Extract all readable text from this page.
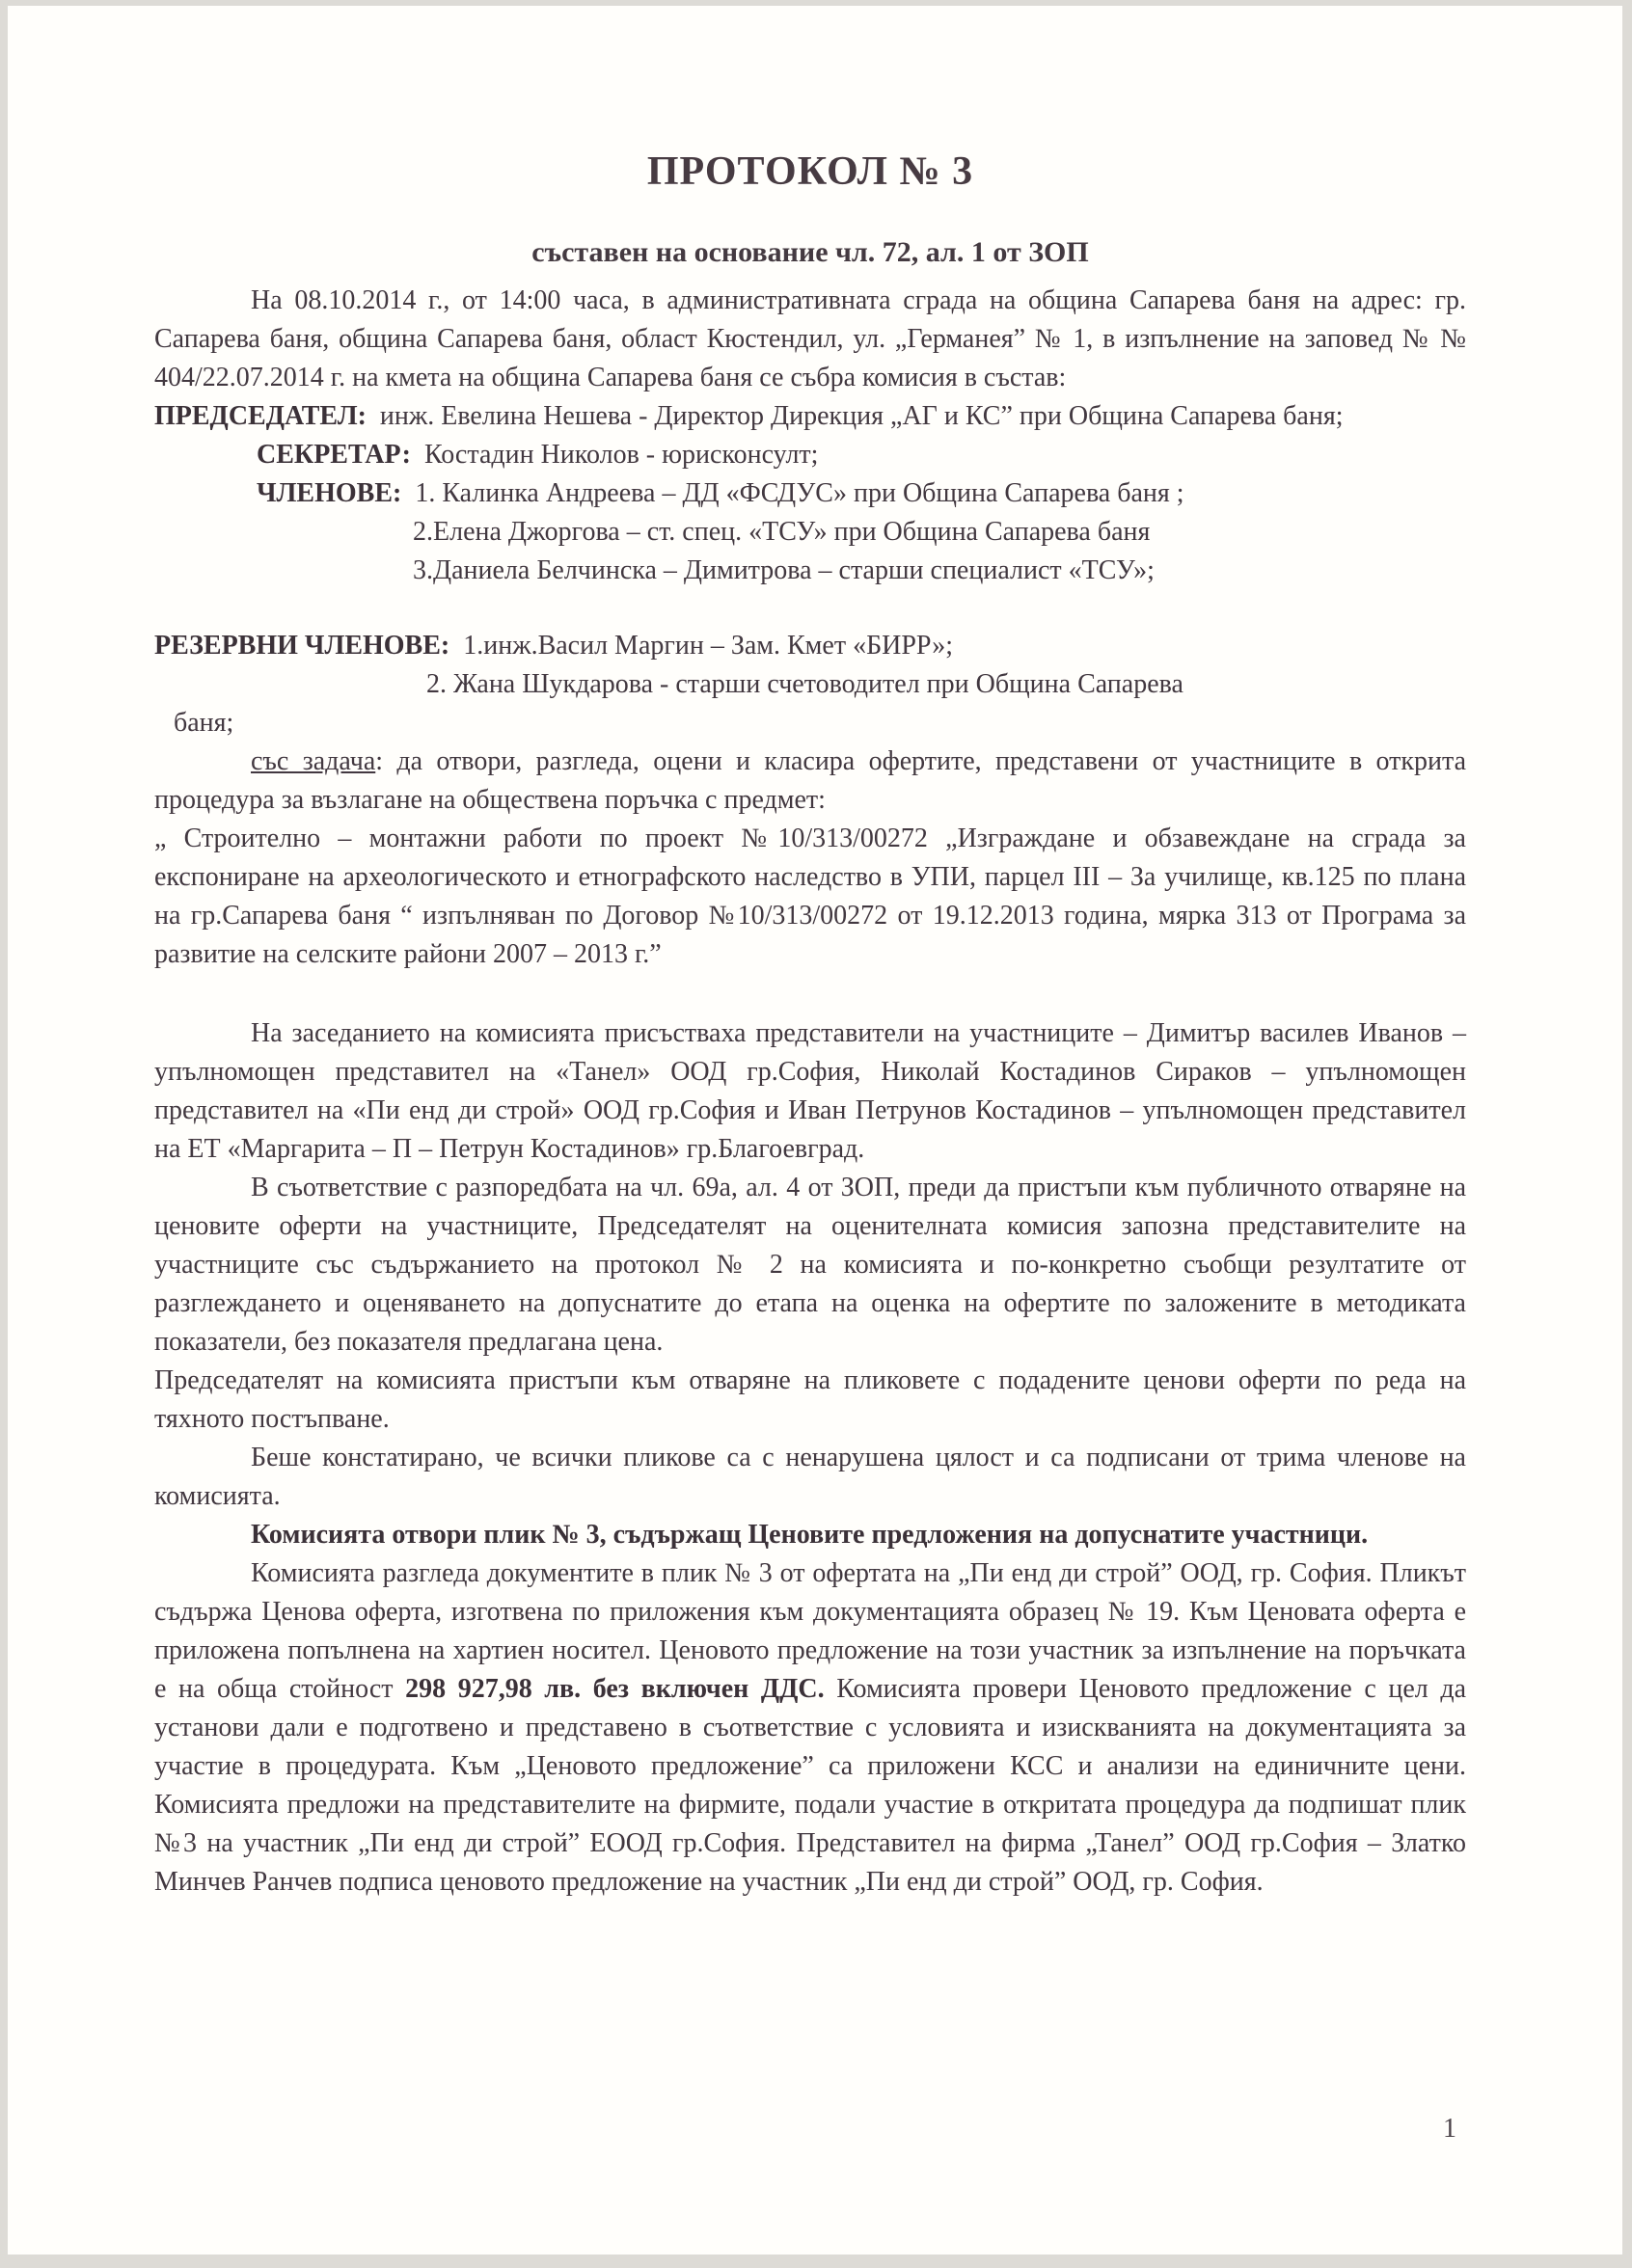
ПРОТОКОЛ № 3
съставен на основание чл. 72, ал. 1 от ЗОП

На 08.10.2014 г., от 14:00 часа, в административната сграда на община Сапарева баня на адрес: гр. Сапарева баня, община Сапарева баня, област Кюстендил, ул. „Германея” № 1, в изпълнение на заповед № № 404/22.07.2014 г. на кмета на община Сапарева баня се събра комисия в състав:

ПРЕДСЕДАТЕЛ: инж. Евелина Нешева - Директор Дирекция „АГ и КС” при Община Сапарева баня;

СЕКРЕТАР: Костадин Николов - юрисконсулт;

ЧЛЕНОВЕ: 1. Калинка Андреева – ДД «ФСДУС» при Община Сапарева баня ;

2.Елена Джоргова – ст. спец. «ТСУ» при Община Сапарева баня

3.Даниела Белчинска – Димитрова – старши специалист «ТСУ»;

РЕЗЕРВНИ ЧЛЕНОВЕ: 1.инж.Васил Маргин – Зам. Кмет «БИРР»;

2. Жана Шукдарова - старши счетоводител при Община Сапарева

баня;

със задача: да отвори, разгледа, оцени и класира офертите, представени от участниците в открита процедура за възлагане на обществена поръчка с предмет:

„ Строително – монтажни работи по проект №10/313/00272 „Изграждане и обзавеждане на сграда за експониране на археологическото и етнографското наследство в УПИ, парцел III – За училище, кв.125 по плана на гр.Сапарева баня “ изпълняван по Договор №10/313/00272 от 19.12.2013 година, мярка 313 от Програма за развитие на селските райони 2007 – 2013 г.”

На заседанието на комисията присъстваха представители на участниците – Димитър василев Иванов – упълномощен представител на «Танел» ООД гр.София, Николай Костадинов Сираков – упълномощен представител на «Пи енд ди строй» ООД гр.София и Иван Петрунов Костадинов – упълномощен представител на ЕТ «Маргарита – П – Петрун Костадинов» гр.Благоевград.

В съответствие с разпоредбата на чл. 69а, ал. 4 от ЗОП, преди да пристъпи към публичното отваряне на ценовите оферти на участниците, Председателят на оценителната комисия запозна представителите на участниците със съдържанието на протокол № 2 на комисията и по-конкретно съобщи резултатите от разглеждането и оценяването на допуснатите до етапа на оценка на офертите по заложените в методиката показатели, без показателя предлагана цена.

Председателят на комисията пристъпи към отваряне на пликовете с подадените ценови оферти по реда на тяхното постъпване.

Беше констатирано, че всички пликове са с ненарушена цялост и са подписани от трима членове на комисията.

Комисията отвори плик № 3, съдържащ Ценовите предложения на допуснатите участници.

Комисията разгледа документите в плик № 3 от офертата на „Пи енд ди строй” ООД, гр. София. Пликът съдържа Ценова оферта, изготвена по приложения към документацията образец № 19. Към Ценовата оферта е приложена попълнена на хартиен носител. Ценовото предложение на този участник за изпълнение на поръчката е на обща стойност 298 927,98 лв. без включен ДДС. Комисията провери Ценовото предложение с цел да установи дали е подготвено и представено в съответствие с условията и изискванията на документацията за участие в процедурата. Към „Ценовото предложение” са приложени КСС и анализи на единичните цени. Комисията предложи на представителите на фирмите, подали участие в откритата процедура да подпишат плик №3 на участник „Пи енд ди строй” ЕООД гр.София. Представител на фирма „Танел” ООД гр.София – Златко Минчев Ранчев подписа ценовото предложение на участник „Пи енд ди строй” ООД, гр. София.

1
